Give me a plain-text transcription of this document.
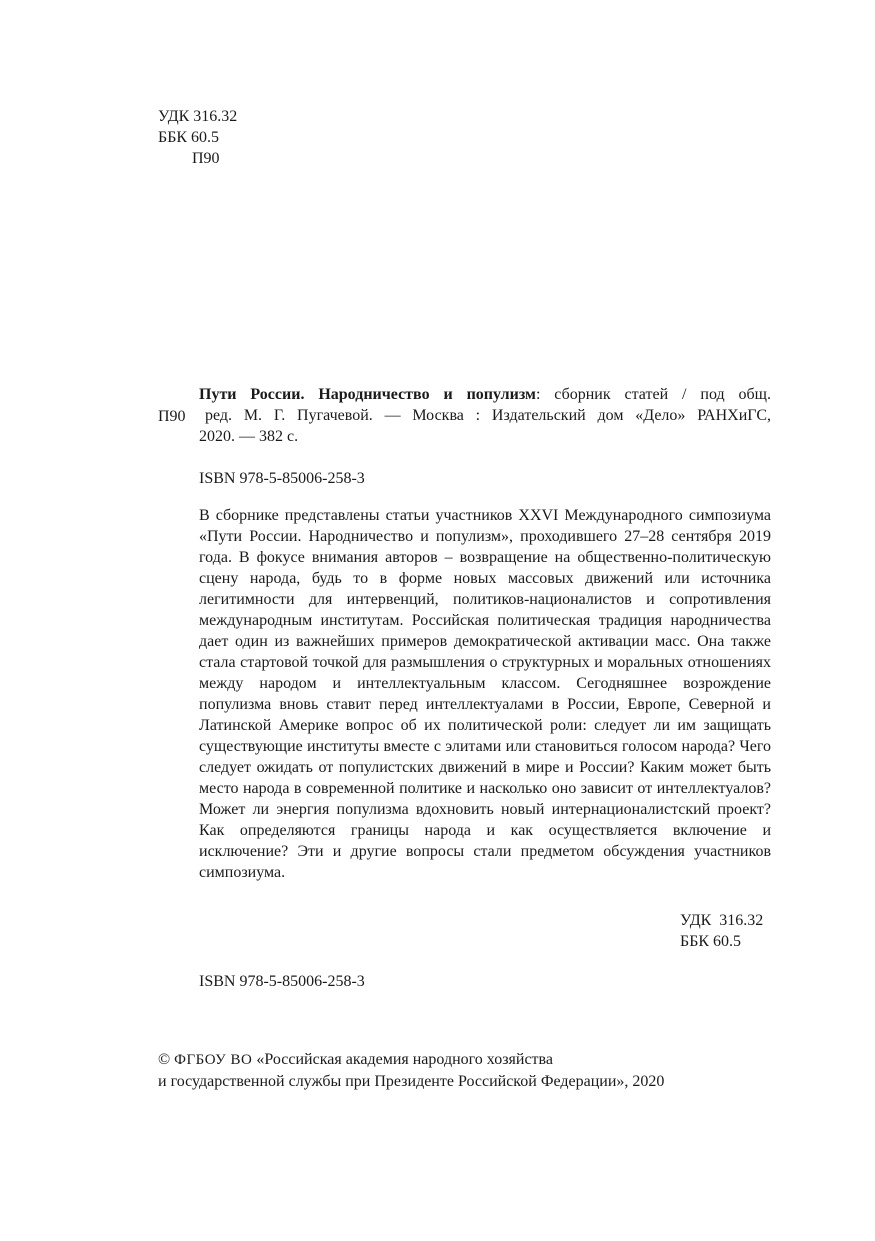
УДК 316.32
ББК 60.5
П90
П90

Пути России. Народничество и популизм: сборник статей / под общ.

ред. М. Г. Пугачевой. — Москва : Издательский дом «Дело» РАНХиГС,

2020. — 382 с.

ISBN 978-5-85006-258-3

В сборнике представлены статьи участников XXVI Международного симпозиума «Пути России. Народничество и популизм», проходившего 27–28 сентября 2019 года. В фокусе внимания авторов – возвращение на общественно-политическую сцену народа, будь то в форме новых массовых движений или источника легитимности для интервенций, политиков-националистов и сопротивления международным институтам. Российская политическая традиция народничества дает один из важнейших примеров демократической активации масс. Она также стала стартовой точкой для размышления о структурных и моральных отношениях между народом и интеллектуальным классом. Сегодняшнее возрождение популизма вновь ставит перед интеллектуалами в России, Европе, Северной и Латинской Америке вопрос об их политической роли: следует ли им защищать существующие институты вместе с элитами или становиться голосом народа? Чего следует ожидать от популистских движений в мире и России? Каким может быть место народа в современной политике и насколько оно зависит от интеллектуалов? Может ли энергия популизма вдохновить новый интернационалистский проект? Как определяются границы народа и как осуществляется включение и исключение? Эти и другие вопросы стали предметом обсуждения участников симпозиума.

УДК 316.32
ББК 60.5
ISBN 978-5-85006-258-3
© ФГБОУ ВО «Российская академия народного хозяйства
и государственной службы при Президенте Российской Федерации», 2020
